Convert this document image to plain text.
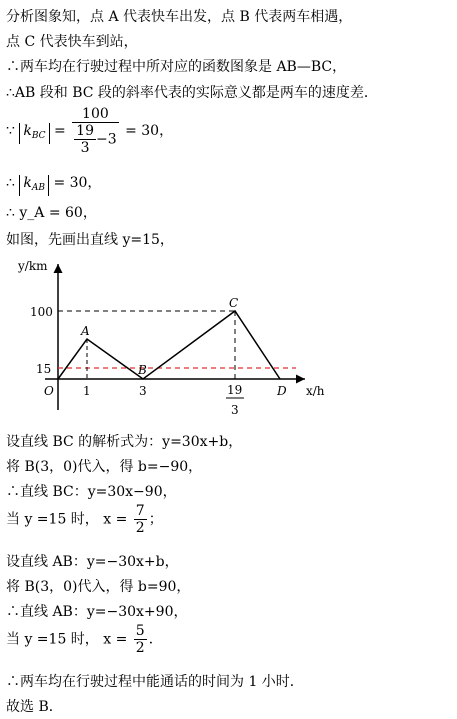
分析图象知，点 A 代表快车出发，点 B 代表两车相遇，
点 C 代表快车到站，
∴两车均在行驶过程中所对应的函数图象是 AB—BC，
∴AB 段和 BC 段的斜率代表的实际意义都是两车的速度差．
∵ $k_{BC} = \frac{100}{\frac{19}{3} -3} = 30$，
∴ $k_{AB} = 30$，
∴ y_A = 60，
如图，先画出直线 y=15，
y/km
x/h
100
15
1	3	19
3
O
A
B
C
D
设直线 BC 的解析式为：y=30x+b，
将 B(3，0)代入，得 b=−90，
∴直线 BC：y=30x−90，
当 y =15 时， $x = \frac{7}{2}$ ；
设直线 AB：y=−30x+b，
将 B(3，0)代入，得 b=90，
∴直线 AB：y=−30x+90，
当 y =15 时， $x = \frac{5}{2}$ ．
∴两车均在行驶过程中能通话的时间为 1 小时．
故选 B．
